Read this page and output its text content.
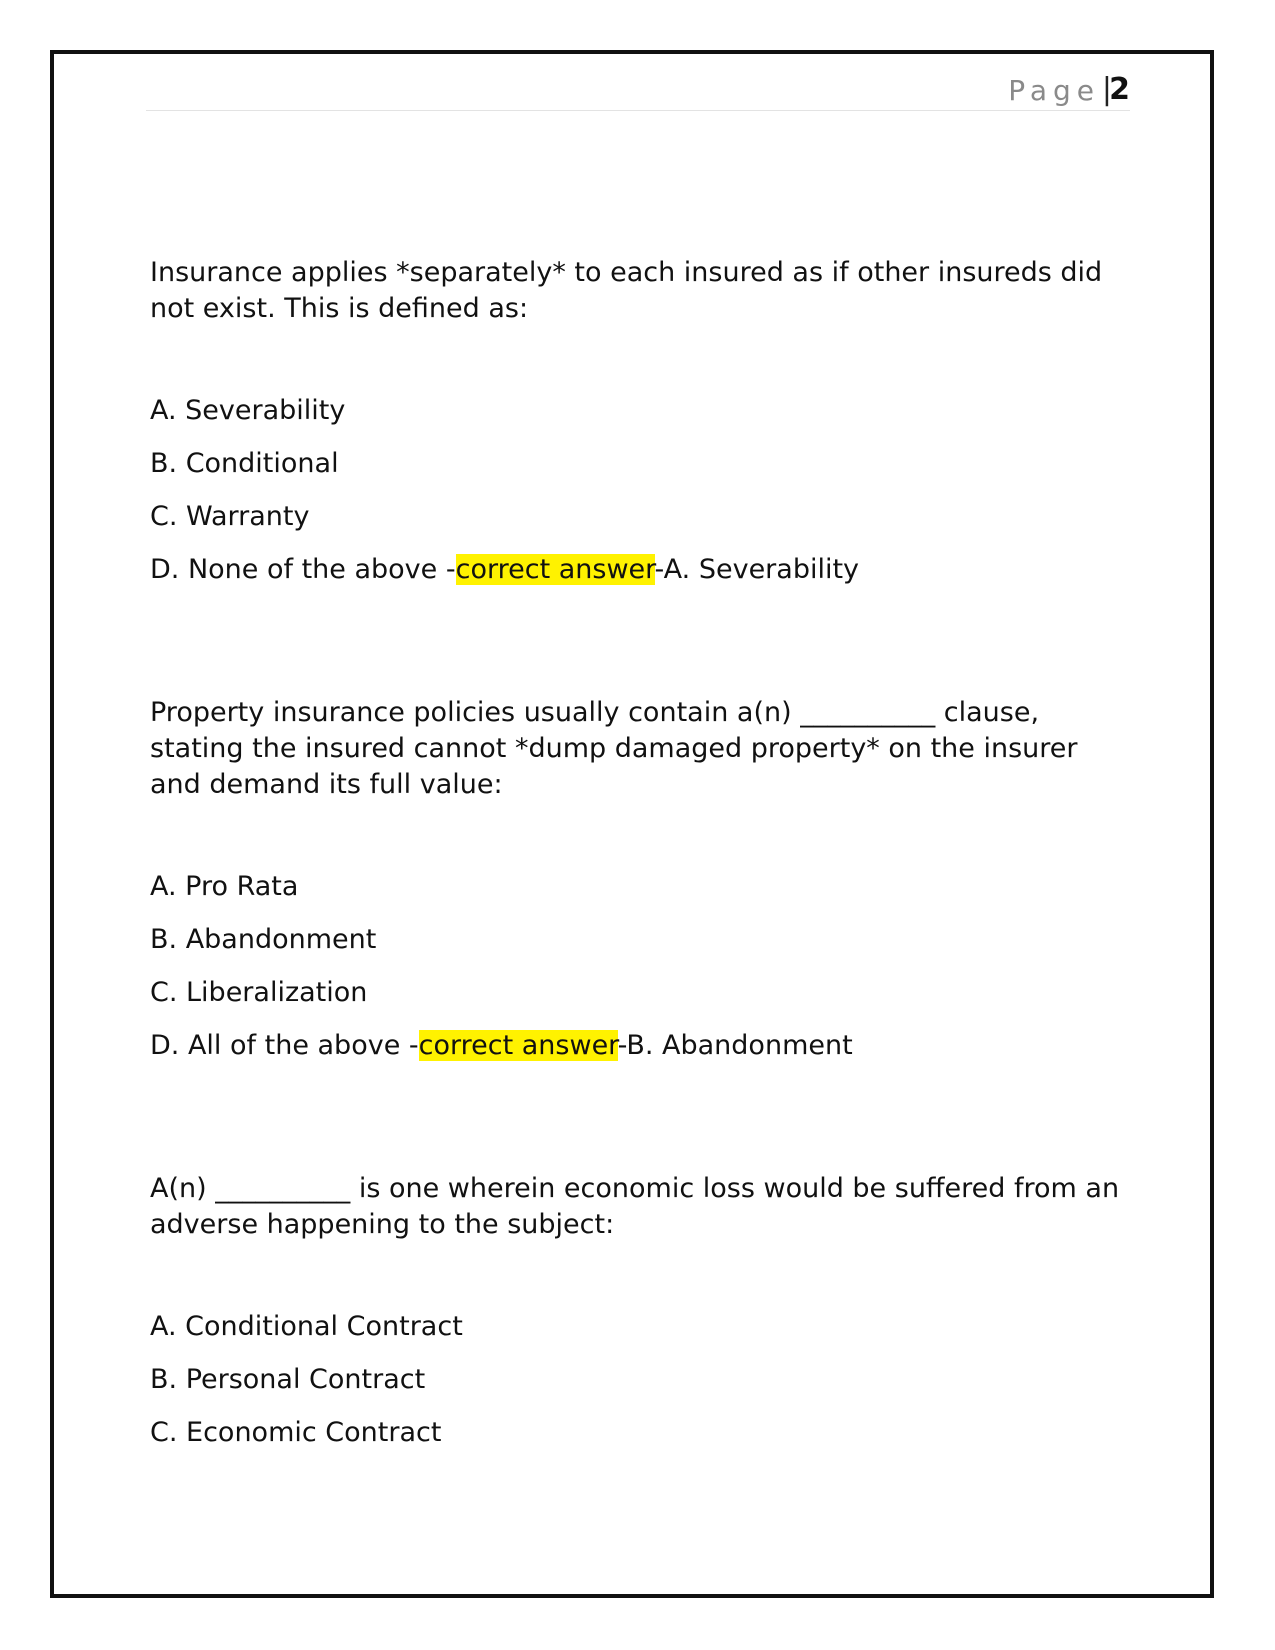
Page |
2

Insurance applies *separately* to each insured as if other insureds did not exist. This is defined as:

A. Severability

B. Conditional

C. Warranty

D. None of the above -correct answer-A. Severability

Property insurance policies usually contain a(n) __________ clause, stating the insured cannot *dump damaged property* on the insurer and demand its full value:

A. Pro Rata

B. Abandonment

C. Liberalization

D. All of the above -correct answer-B. Abandonment

A(n) __________ is one wherein economic loss would be suffered from an adverse happening to the subject:

A. Conditional Contract

B. Personal Contract

C. Economic Contract
